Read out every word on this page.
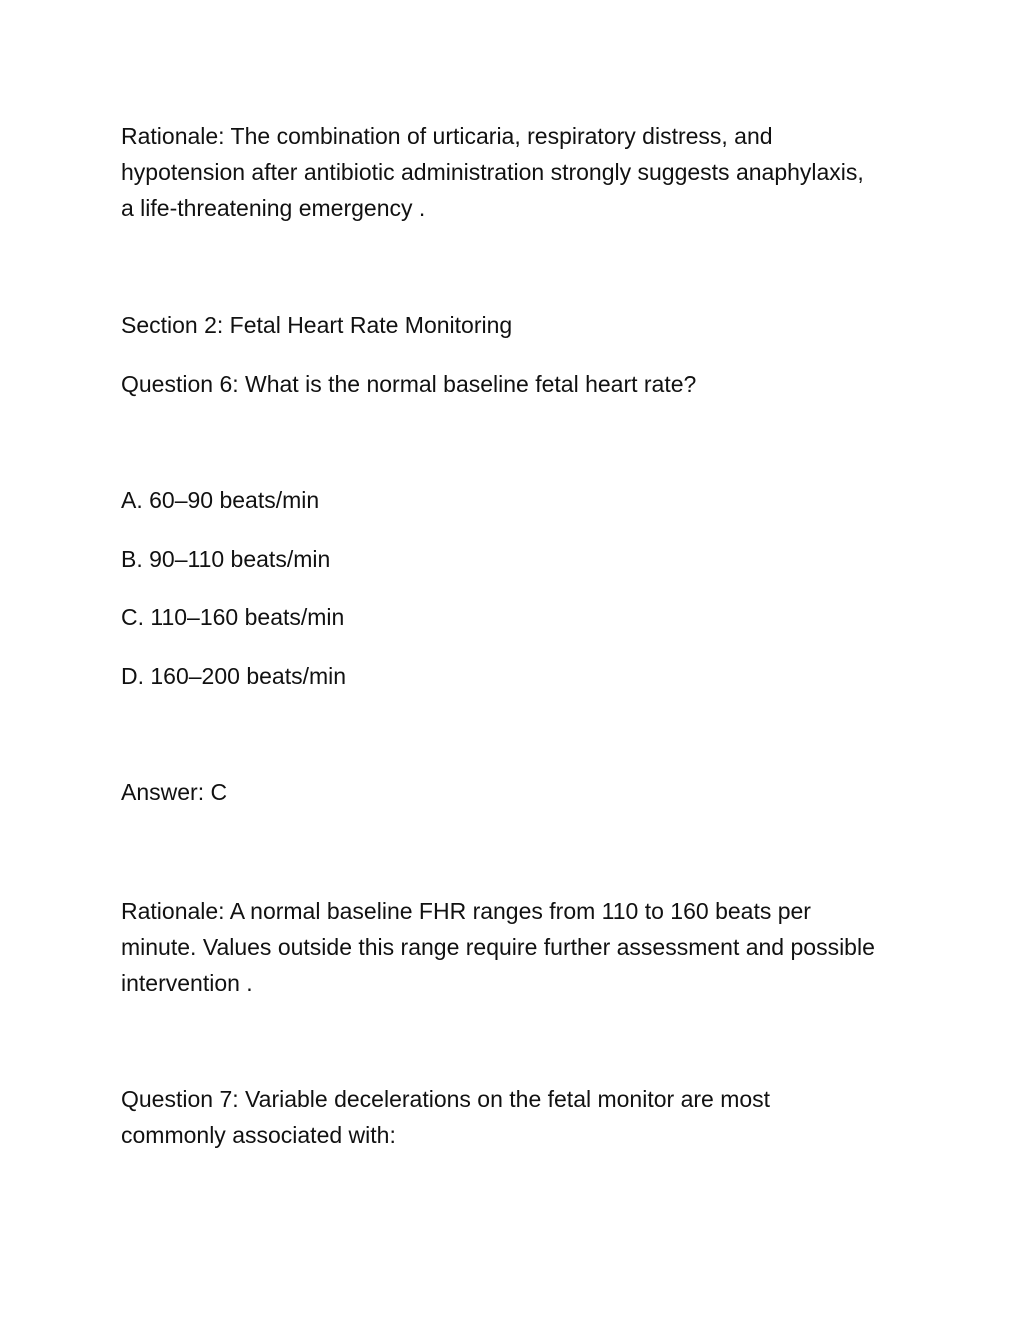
Rationale: The combination of urticaria, respiratory distress, and hypotension after antibiotic administration strongly suggests anaphylaxis, a life-threatening emergency .

Section 2: Fetal Heart Rate Monitoring

Question 6: What is the normal baseline fetal heart rate?

A. 60–90 beats/min

B. 90–110 beats/min

C. 110–160 beats/min

D. 160–200 beats/min

Answer: C

Rationale: A normal baseline FHR ranges from 110 to 160 beats per minute. Values outside this range require further assessment and possible intervention .

Question 7: Variable decelerations on the fetal monitor are most commonly associated with:
